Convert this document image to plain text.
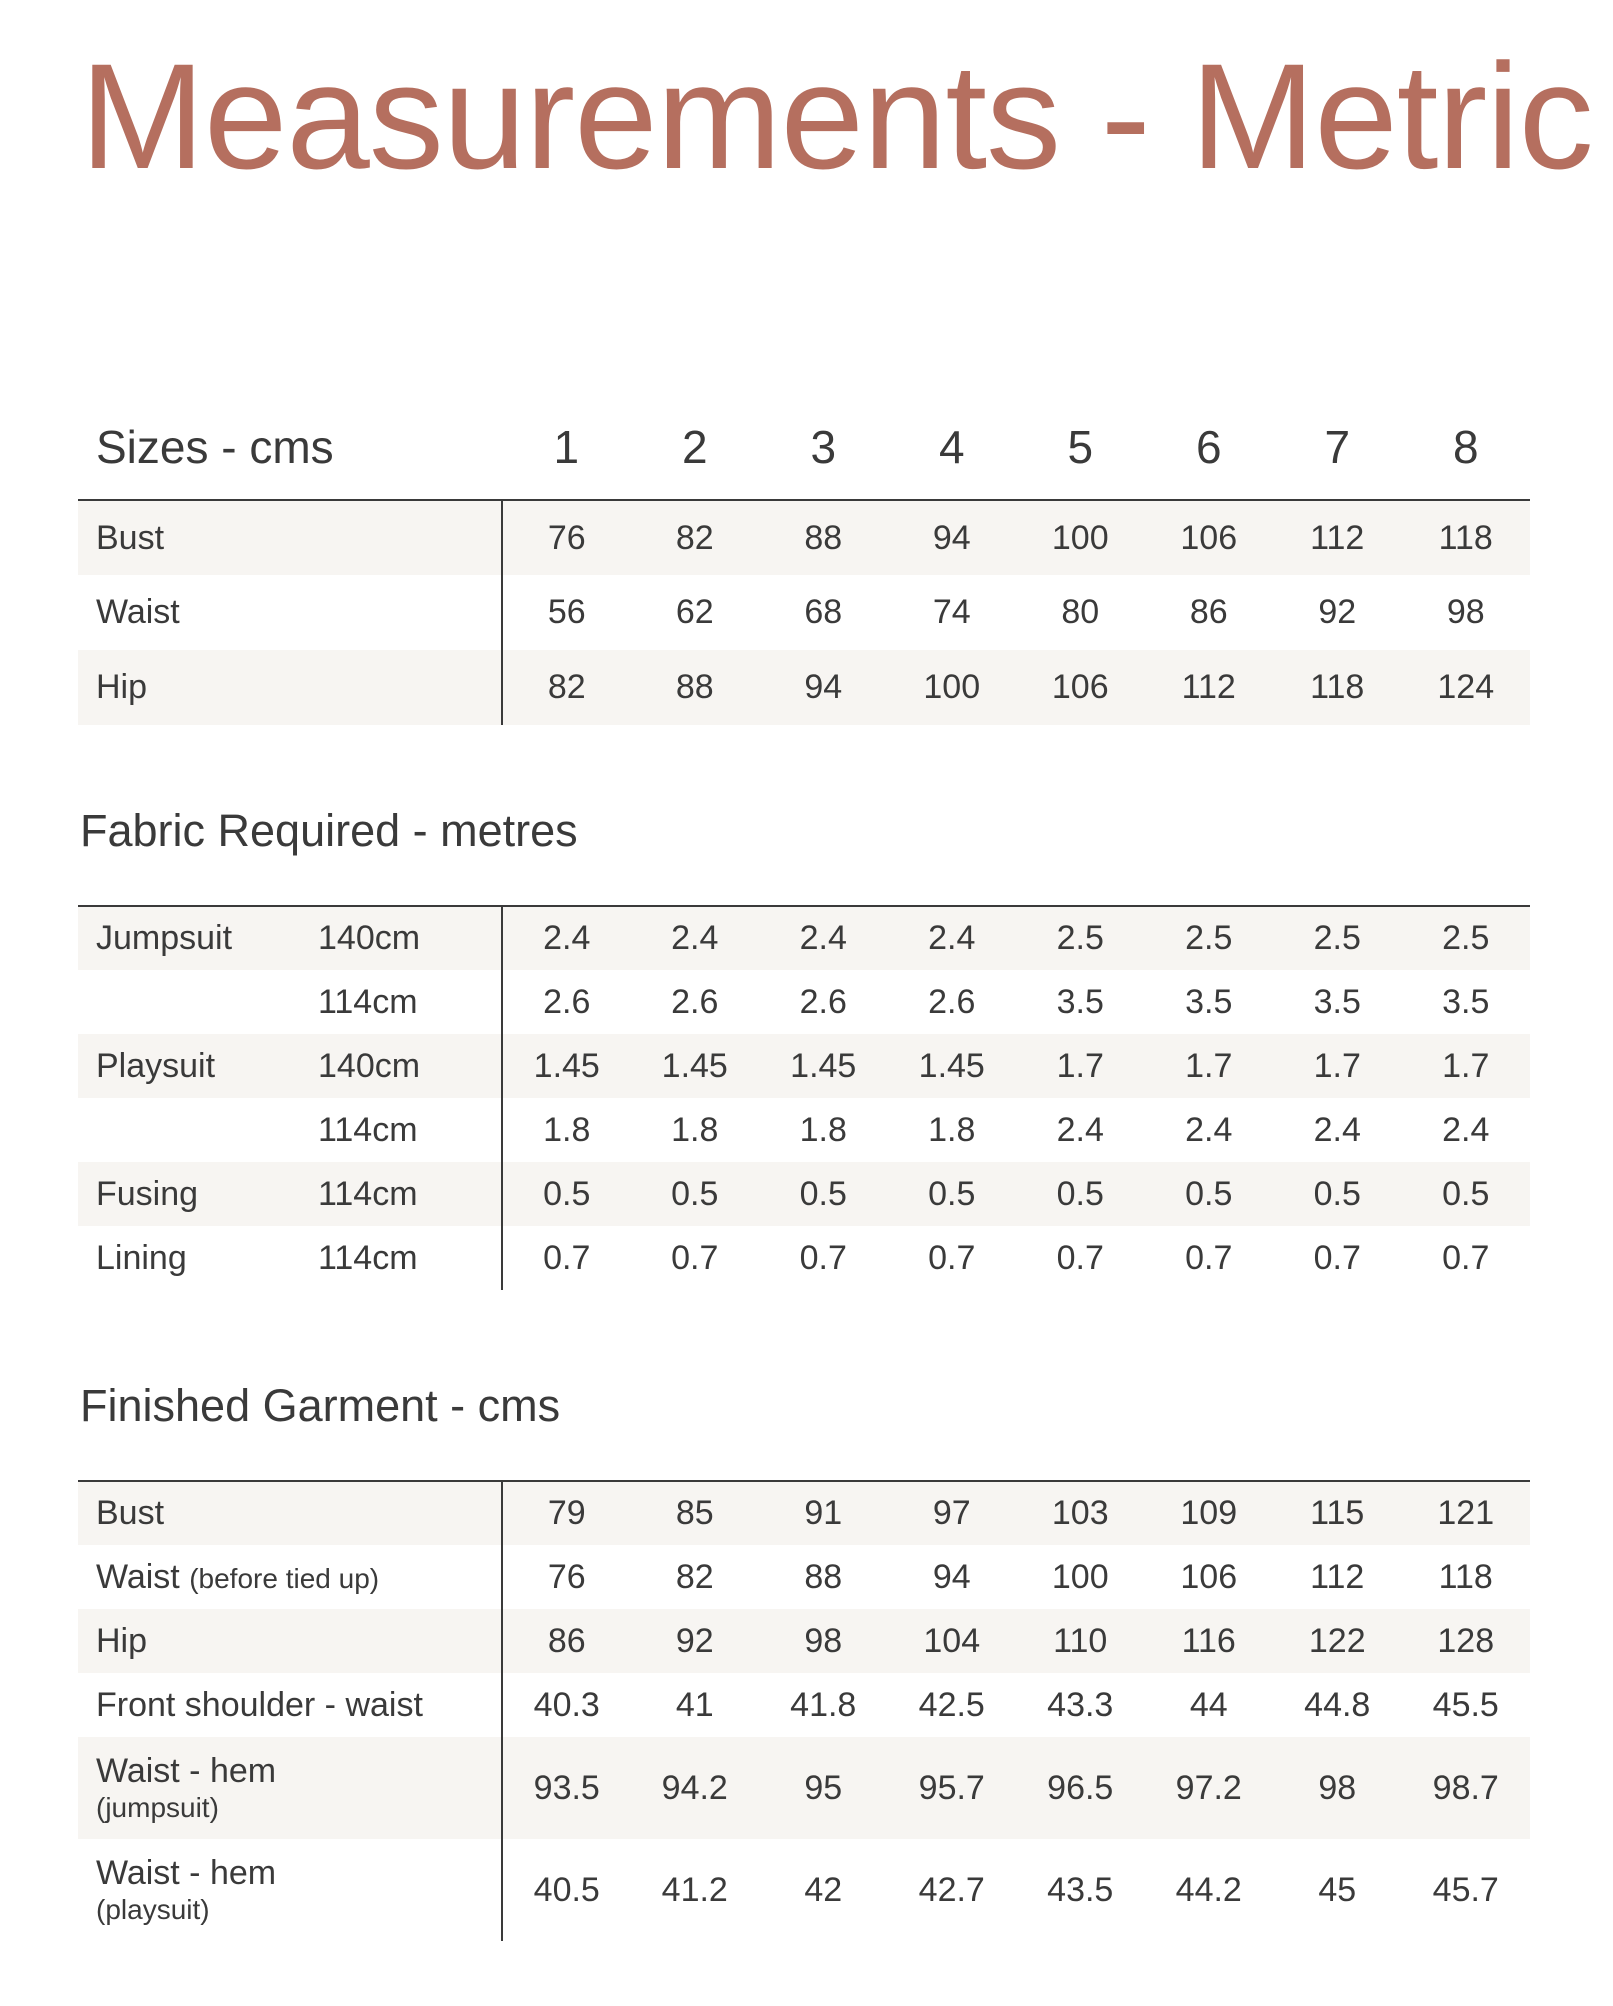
Measurements - Metric
Sizes - cms	1	2	3	4	5	6	7	8
Bust	76	82	88	94	100	106	112	118
Waist	56	62	68	74	80	86	92	98
Hip	82	88	94	100	106	112	118	124
Fabric Required - metres
Jumpsuit	140cm	2.4	2.4	2.4	2.4	2.5	2.5	2.5	2.5
	114cm	2.6	2.6	2.6	2.6	3.5	3.5	3.5	3.5
Playsuit	140cm	1.45	1.45	1.45	1.45	1.7	1.7	1.7	1.7
	114cm	1.8	1.8	1.8	1.8	2.4	2.4	2.4	2.4
Fusing	114cm	0.5	0.5	0.5	0.5	0.5	0.5	0.5	0.5
Lining	114cm	0.7	0.7	0.7	0.7	0.7	0.7	0.7	0.7
Finished Garment - cms
Bust	79	85	91	97	103	109	115	121
Waist (before tied up)	76	82	88	94	100	106	112	118
Hip	86	92	98	104	110	116	122	128
Front shoulder - waist	40.3	41	41.8	42.5	43.3	44	44.8	45.5
Waist - hem
(jumpsuit)	93.5	94.2	95	95.7	96.5	97.2	98	98.7
Waist - hem
(playsuit)	40.5	41.2	42	42.7	43.5	44.2	45	45.7
